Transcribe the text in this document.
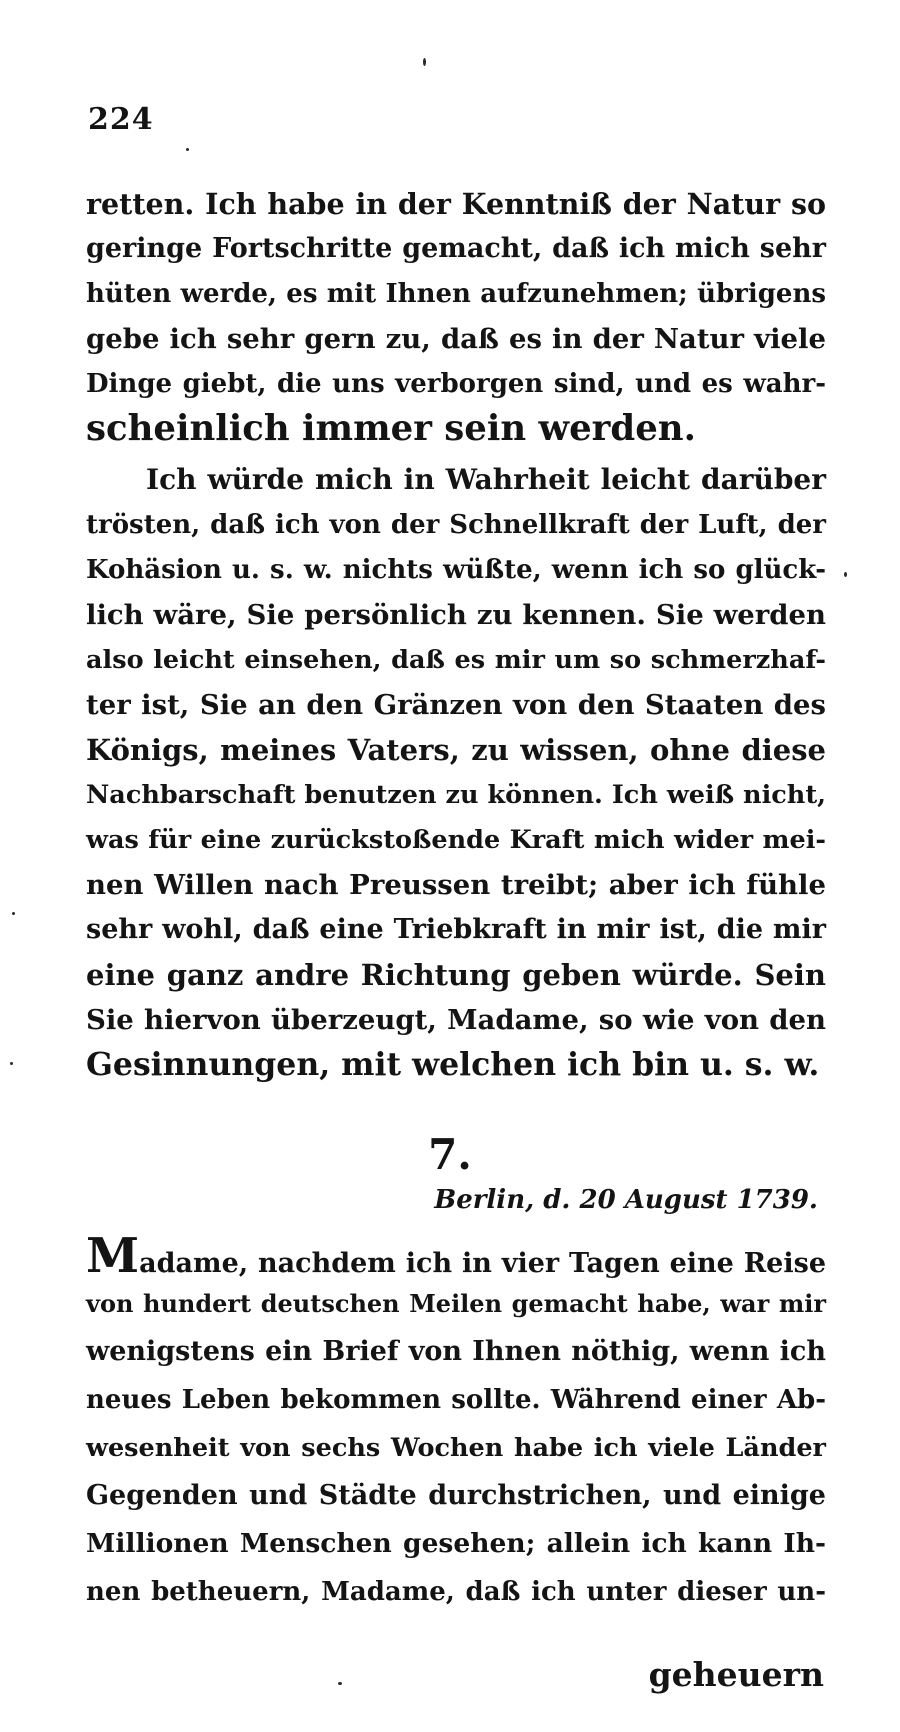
224
retten. Ich habe in der Kenntniß der Natur so
geringe Fortschritte gemacht, daß ich mich sehr
hüten werde, es mit Ihnen aufzunehmen; übrigens
gebe ich sehr gern zu, daß es in der Natur viele
Dinge giebt, die uns verborgen sind, und es wahr-
scheinlich immer sein werden.
Ich würde mich in Wahrheit leicht darüber
trösten, daß ich von der Schnellkraft der Luft, der
Kohäsion u. s. w. nichts wüßte, wenn ich so glück-
lich wäre, Sie persönlich zu kennen. Sie werden
also leicht einsehen, daß es mir um so schmerzhaf-
ter ist, Sie an den Gränzen von den Staaten des
Königs, meines Vaters, zu wissen, ohne diese
Nachbarschaft benutzen zu können. Ich weiß nicht,
was für eine zurückstoßende Kraft mich wider mei-
nen Willen nach Preussen treibt; aber ich fühle
sehr wohl, daß eine Triebkraft in mir ist, die mir
eine ganz andre Richtung geben würde. Sein
Sie hiervon überzeugt, Madame, so wie von den
Gesinnungen, mit welchen ich bin u. s. w.
7.
Berlin, d. 20 August 1739.
Madame, nachdem ich in vier Tagen eine Reise
von hundert deutschen Meilen gemacht habe, war mir
wenigstens ein Brief von Ihnen nöthig, wenn ich
neues Leben bekommen sollte. Während einer Ab-
wesenheit von sechs Wochen habe ich viele Länder
Gegenden und Städte durchstrichen, und einige
Millionen Menschen gesehen; allein ich kann Ih-
nen betheuern, Madame, daß ich unter dieser un-
geheuern
